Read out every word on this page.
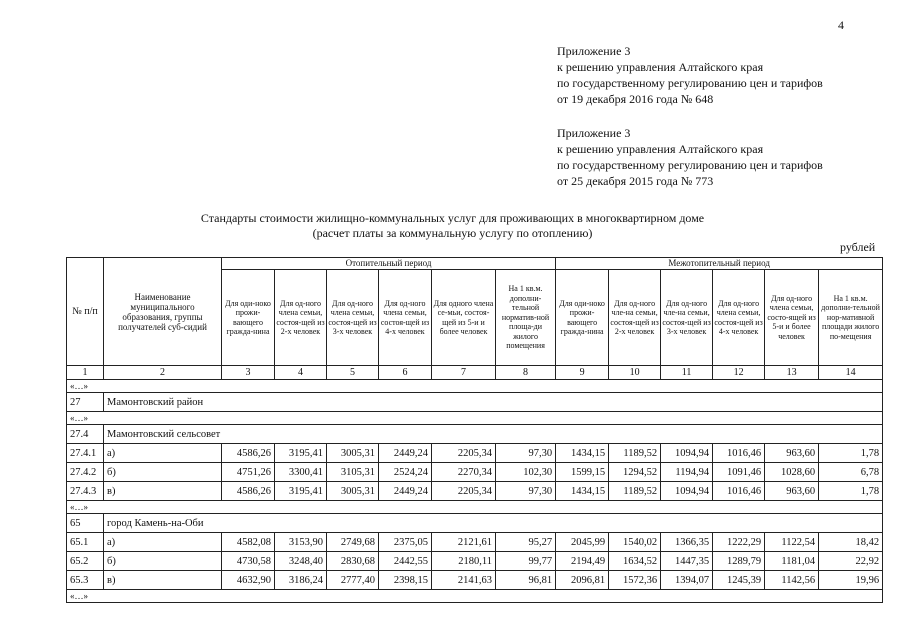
4
Приложение 3
к решению управления Алтайского края
по государственному регулированию цен и тарифов
от 19 декабря 2016 года № 648
Приложение 3
к решению управления Алтайского края
по государственному регулированию цен и тарифов
от 25 декабря 2015 года № 773
Стандарты стоимости жилищно-коммунальных услуг для проживающих в многоквартирном доме
(расчет платы за коммунальную услугу по отоплению)
рублей
№ п/п	Наименование муниципального образования, группы получателей суб-сидий	Отопительный период						Межотопительный период					
		Для оди-ноко прожи-вающего гражда-нина	Для од-ного члена семьи, состоя-щей из 2-х человек	Для од-ного члена семьи, состоя-щей из 3-х человек	Для од-ного члена семьи, состоя-щей из 4-х человек	Для одного члена се-мьи, состоя-щей из 5-и и более человек	На 1 кв.м. дополни-тельной норматив-ной площа-ди жилого помещения	Для оди-ноко прожи-вающего гражда-нина	Для од-ного чле-на семьи, состоя-щей из 2-х человек	Для од-ного чле-на семьи, состоя-щей из 3-х человек	Для од-ного члена семьи, состоя-щей из 4-х человек	Для од-ного члена семьи, состо-ящей из 5-и и более человек	На 1 кв.м. дополни-тельной нор-мативной площади жилого по-мещения
1	2	3	4	5	6	7	8	9	10	11	12	13	14
«…»													
27	Мамонтовский район												
«…»													
27.4	Мамонтовский сельсовет												
27.4.1	а)	4586,26	3195,41	3005,31	2449,24	2205,34	97,30	1434,15	1189,52	1094,94	1016,46	963,60	1,78
27.4.2	б)	4751,26	3300,41	3105,31	2524,24	2270,34	102,30	1599,15	1294,52	1194,94	1091,46	1028,60	6,78
27.4.3	в)	4586,26	3195,41	3005,31	2449,24	2205,34	97,30	1434,15	1189,52	1094,94	1016,46	963,60	1,78
«…»													
65	город Камень-на-Оби												
65.1	а)	4582,08	3153,90	2749,68	2375,05	2121,61	95,27	2045,99	1540,02	1366,35	1222,29	1122,54	18,42
65.2	б)	4730,58	3248,40	2830,68	2442,55	2180,11	99,77	2194,49	1634,52	1447,35	1289,79	1181,04	22,92
65.3	в)	4632,90	3186,24	2777,40	2398,15	2141,63	96,81	2096,81	1572,36	1394,07	1245,39	1142,56	19,96
«…»													
